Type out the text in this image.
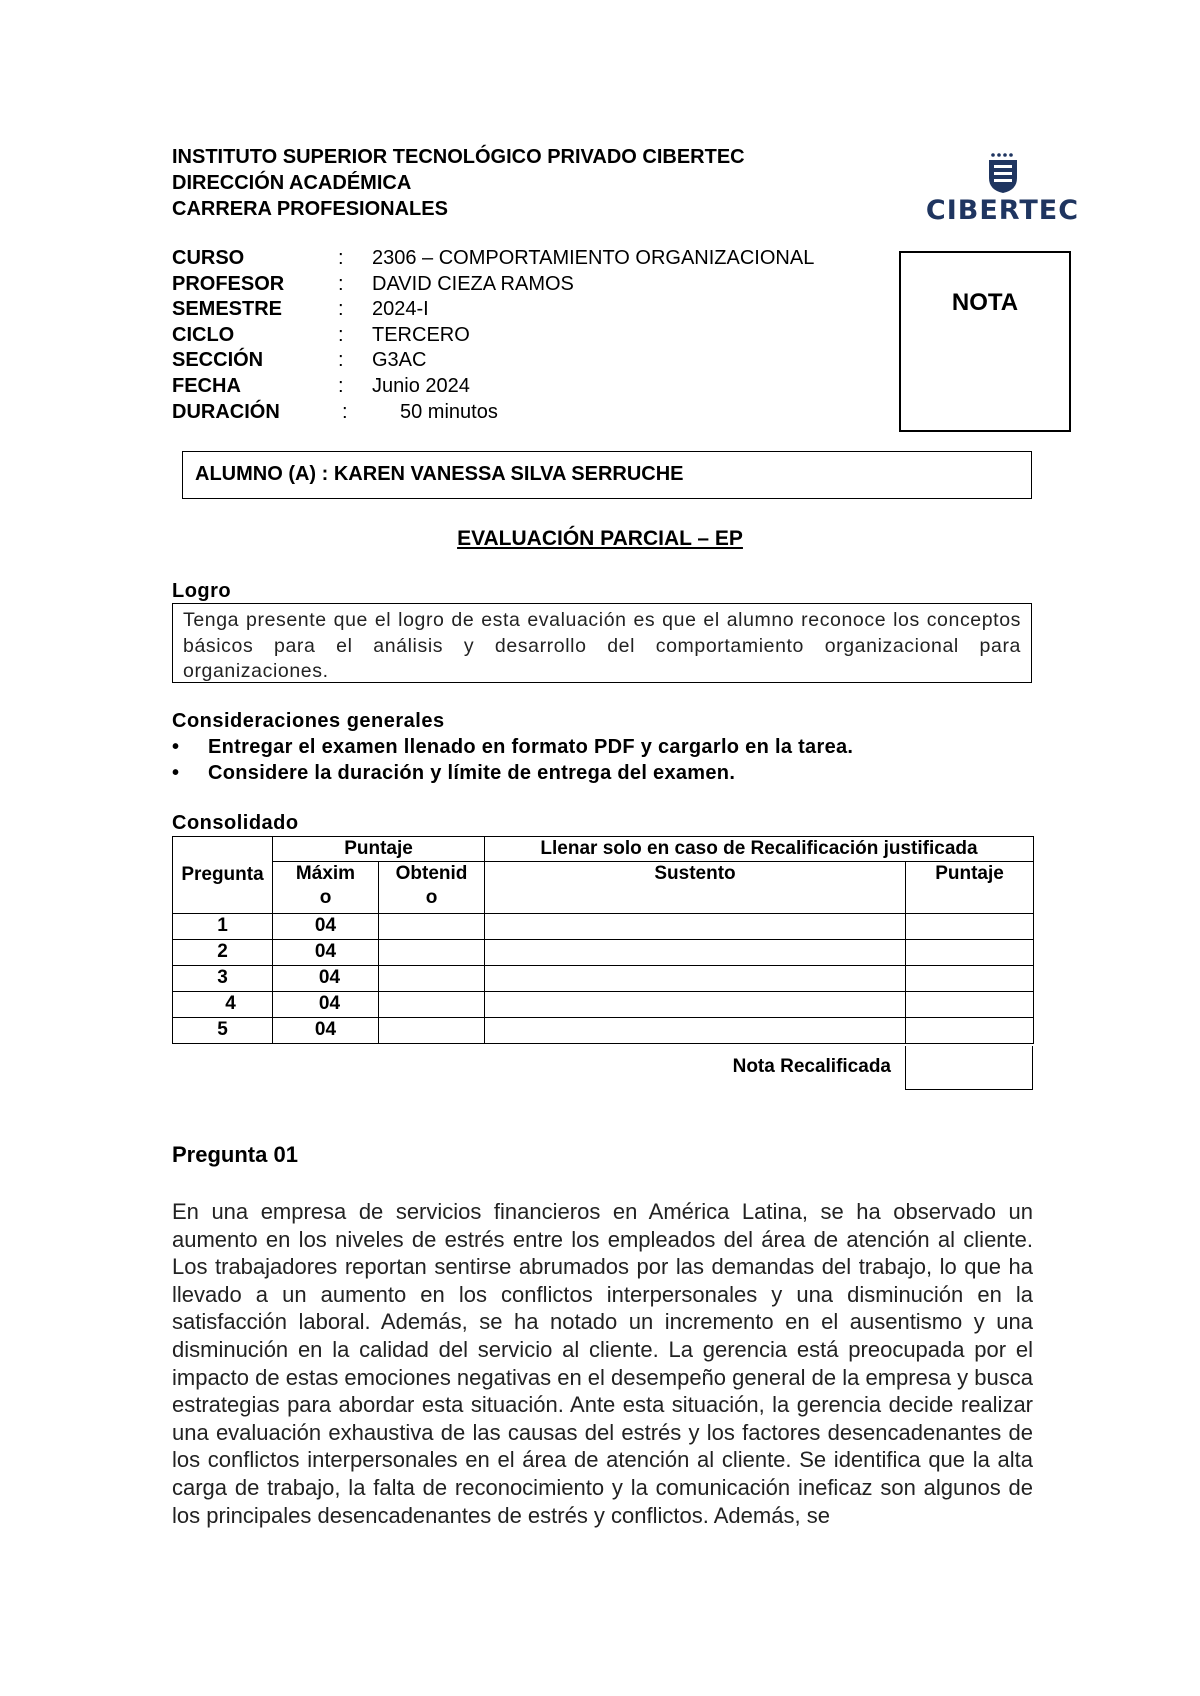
INSTITUTO SUPERIOR TECNOLÓGICO PRIVADO CIBERTEC
DIRECCIÓN ACADÉMICA
CARRERA PROFESIONALES	CIBERTEC
CURSO	: 2306 – COMPORTAMIENTO ORGANIZACIONAL
PROFESOR	: DAVID CIEZA RAMOS
SEMESTRE	: 2024-I
CICLO	: TERCERO
SECCIÓN	: G3AC
FECHA	: Junio 2024
DURACIÓN	:	50 minutos
NOTA
ALUMNO (A) : KAREN VANESSA SILVA SERRUCHE
EVALUACIÓN PARCIAL – EP
Logro
Tenga presente que el logro de esta evaluación es que el alumno reconoce los conceptos básicos para el análisis y desarrollo del comportamiento organizacional para organizaciones.
Consideraciones generales
• Entregar el examen llenado en formato PDF y cargarlo en la tarea.
• Considere la duración y límite de entrega del examen.
Consolidado
Pregunta	Puntaje		Llenar solo en caso de Recalificación justificada	

	Máximo	Obtenido	Sustento	Puntaje
1	04			
2	04			
3	04			
4	04			
5	04			
Nota Recalificada
Pregunta 01
En una empresa de servicios financieros en América Latina, se ha observado un aumento en los niveles de estrés entre los empleados del área de atención al cliente. Los trabajadores reportan sentirse abrumados por las demandas del trabajo, lo que ha llevado a un aumento en los conflictos interpersonales y una disminución en la satisfacción laboral. Además, se ha notado un incremento en el ausentismo y una disminución en la calidad del servicio al cliente. La gerencia está preocupada por el impacto de estas emociones negativas en el desempeño general de la empresa y busca estrategias para abordar esta situación. Ante esta situación, la gerencia decide realizar una evaluación exhaustiva de las causas del estrés y los factores desencadenantes de los conflictos interpersonales en el área de atención al cliente. Se identifica que la alta carga de trabajo, la falta de reconocimiento y la comunicación ineficaz son algunos de los principales desencadenantes de estrés y conflictos. Además, se
